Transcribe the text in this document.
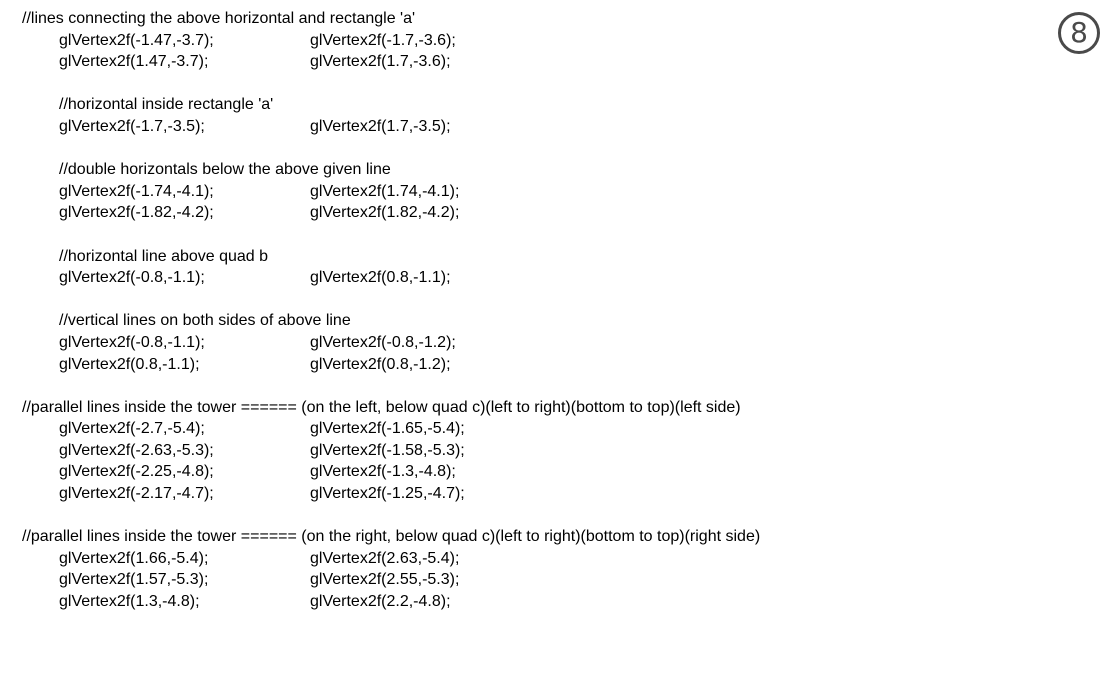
//lines connecting the above horizontal and rectangle 'a'
glVertex2f(-1.47,-3.7);	glVertex2f(-1.7,-3.6);
glVertex2f(1.47,-3.7);	glVertex2f(1.7,-3.6);
//horizontal inside rectangle 'a'
glVertex2f(-1.7,-3.5);	glVertex2f(1.7,-3.5);
//double horizontals below the above given line
glVertex2f(-1.74,-4.1);	glVertex2f(1.74,-4.1);
glVertex2f(-1.82,-4.2);	glVertex2f(1.82,-4.2);
//horizontal line above quad b
glVertex2f(-0.8,-1.1);	glVertex2f(0.8,-1.1);
//vertical lines on both sides of above line
glVertex2f(-0.8,-1.1);	glVertex2f(-0.8,-1.2);
glVertex2f(0.8,-1.1);	glVertex2f(0.8,-1.2);
//parallel lines inside the tower ====== (on the left, below quad c)(left to right)(bottom to top)(left side)
glVertex2f(-2.7,-5.4);	glVertex2f(-1.65,-5.4);
glVertex2f(-2.63,-5.3);	glVertex2f(-1.58,-5.3);
glVertex2f(-2.25,-4.8);	glVertex2f(-1.3,-4.8);
glVertex2f(-2.17,-4.7);	glVertex2f(-1.25,-4.7);
//parallel lines inside the tower ====== (on the right, below quad c)(left to right)(bottom to top)(right side)
glVertex2f(1.66,-5.4);	glVertex2f(2.63,-5.4);
glVertex2f(1.57,-5.3);	glVertex2f(2.55,-5.3);
glVertex2f(1.3,-4.8);	glVertex2f(2.2,-4.8);
8
